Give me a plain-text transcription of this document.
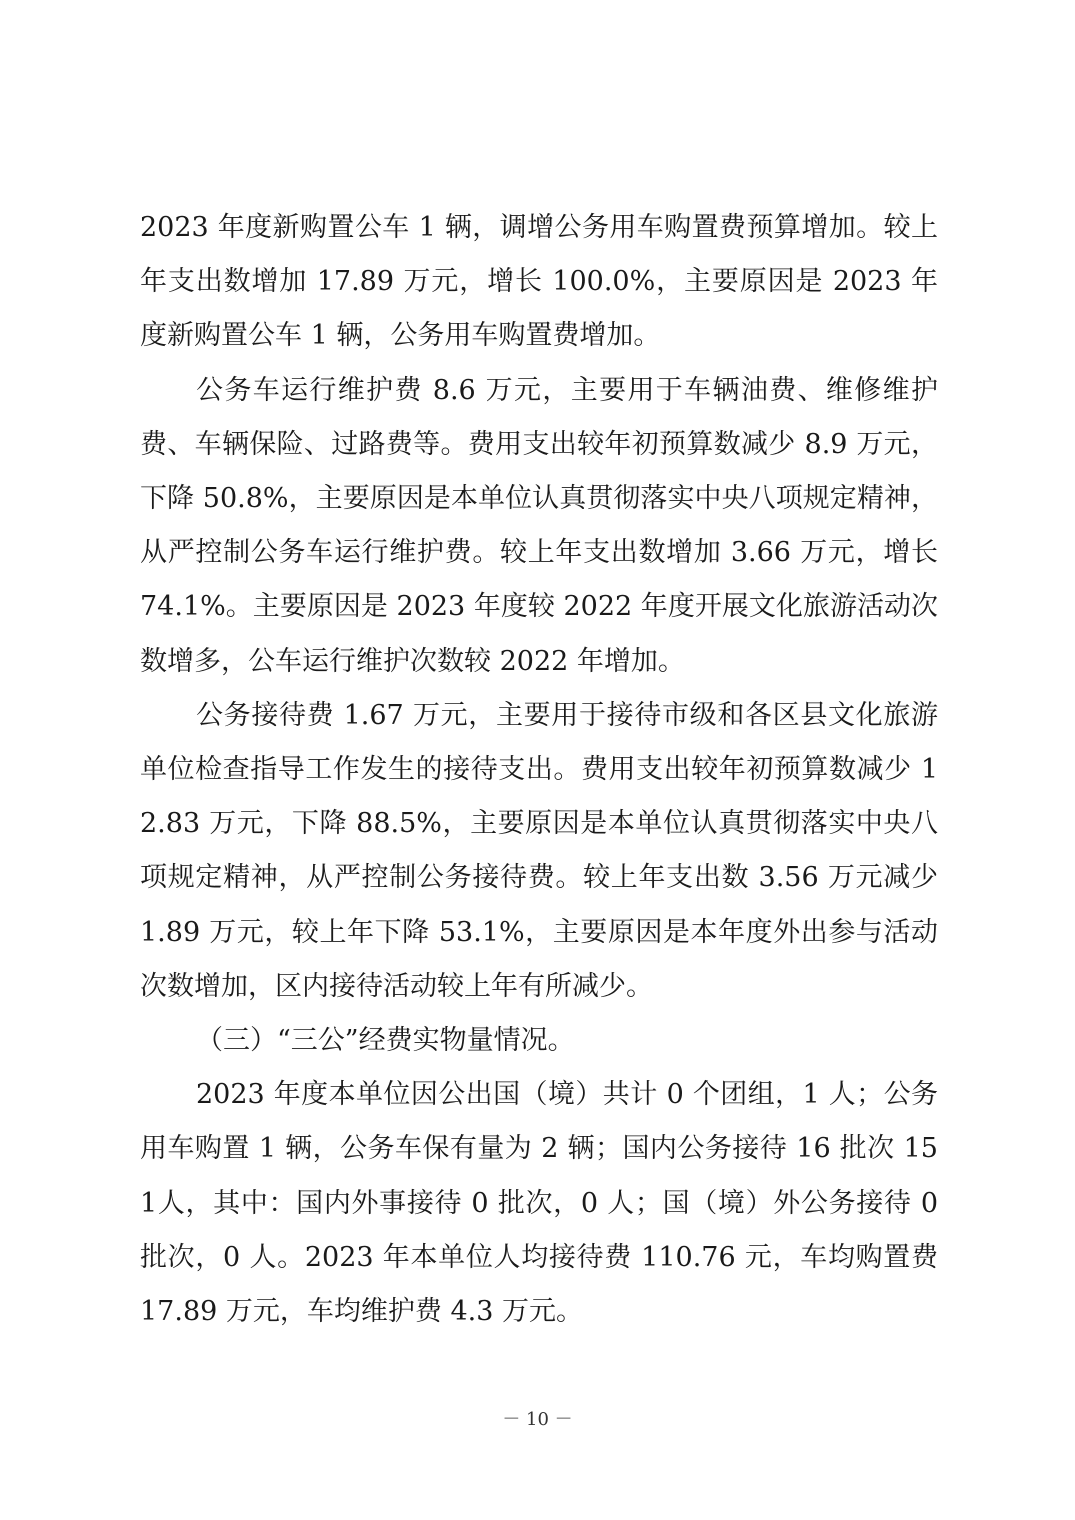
2023 年度新购置公车 1 辆，调增公务用车购置费预算增加。较上年支出数增加 17.89 万元，增长 100.0%，主要原因是 2023 年度新购置公车 1 辆，公务用车购置费增加。

公务车运行维护费 8.6 万元，主要用于车辆油费、维修维护费、车辆保险、过路费等。费用支出较年初预算数减少 8.9 万元，下降 50.8%，主要原因是本单位认真贯彻落实中央八项规定精神，从严控制公务车运行维护费。较上年支出数增加 3.66 万元，增长 74.1%。主要原因是 2023 年度较 2022 年度开展文化旅游活动次数增多，公车运行维护次数较 2022 年增加。

公务接待费 1.67 万元，主要用于接待市级和各区县文化旅游单位检查指导工作发生的接待支出。费用支出较年初预算数减少 12.83 万元，下降 88.5%，主要原因是本单位认真贯彻落实中央八项规定精神，从严控制公务接待费。较上年支出数 3.56 万元减少 1.89 万元，较上年下降 53.1%，主要原因是本年度外出参与活动次数增加，区内接待活动较上年有所减少。

（三）“三公”经费实物量情况。

2023 年度本单位因公出国（境）共计 0 个团组，1 人；公务用车购置 1 辆，公务车保有量为 2 辆；国内公务接待 16 批次 151人，其中：国内外事接待 0 批次，0 人；国（境）外公务接待 0批次，0 人。2023 年本单位人均接待费 110.76 元，车均购置费17.89 万元，车均维护费 4.3 万元。

－ 10 －
